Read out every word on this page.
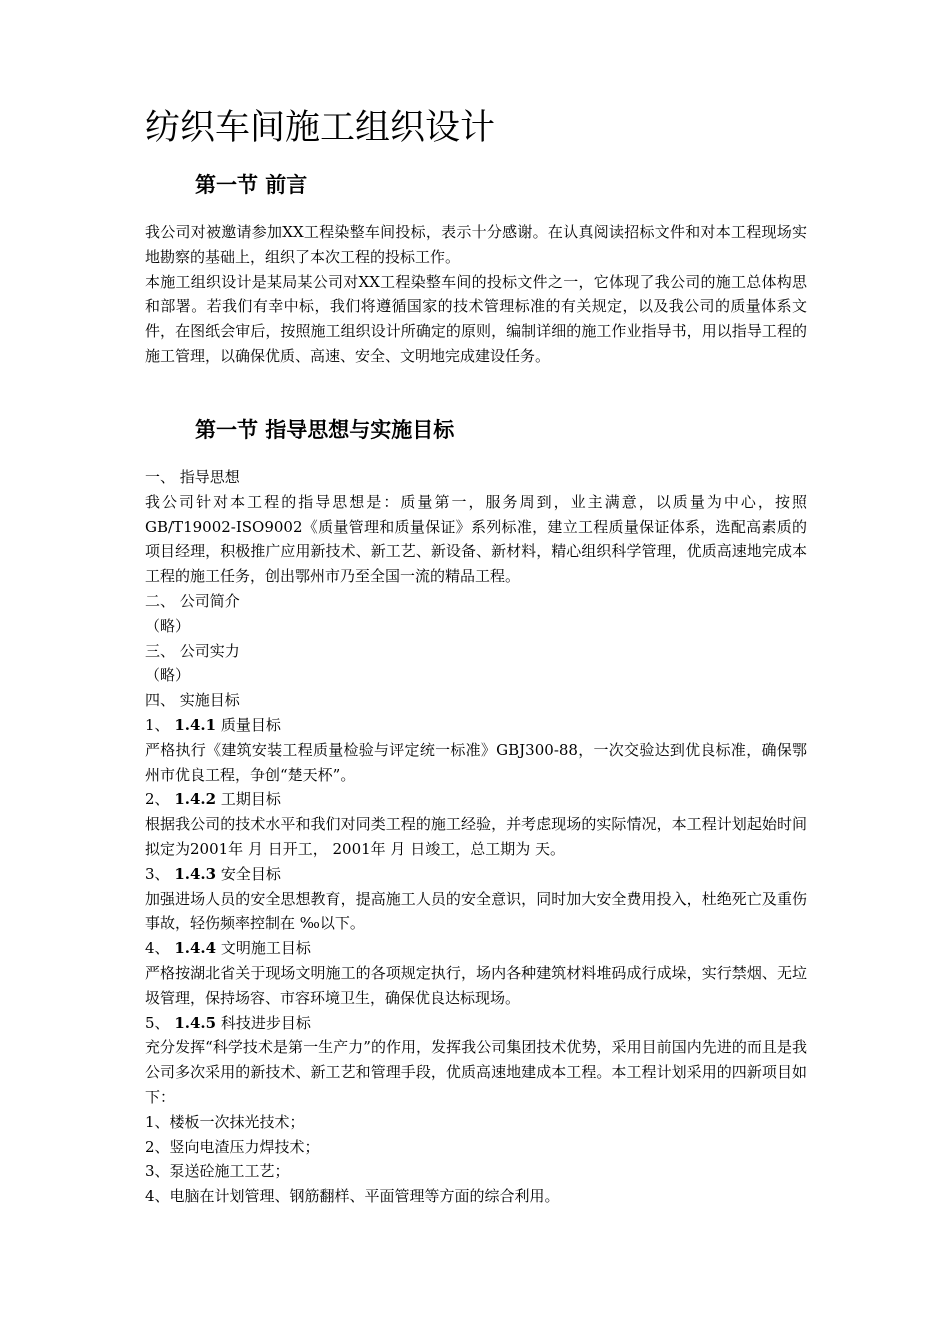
纺织车间施工组织设计
第一节 前言

我公司对被邀请参加XX工程染整车间投标，表示十分感谢。在认真阅读招标文件和对本工程现场实地勘察的基础上，组织了本次工程的投标工作。

本施工组织设计是某局某公司对XX工程染整车间的投标文件之一，它体现了我公司的施工总体构思和部署。若我们有幸中标，我们将遵循国家的技术管理标准的有关规定，以及我公司的质量体系文件，在图纸会审后，按照施工组织设计所确定的原则，编制详细的施工作业指导书，用以指导工程的施工管理，以确保优质、高速、安全、文明地完成建设任务。

第一节 指导思想与实施目标

一、 指导思想

我公司针对本工程的指导思想是：质量第一，服务周到，业主满意，以质量为中心，按照GB/T19002-ISO9002《质量管理和质量保证》系列标准，建立工程质量保证体系，选配高素质的项目经理，积极推广应用新技术、新工艺、新设备、新材料，精心组织科学管理，优质高速地完成本工程的施工任务，创出鄂州市乃至全国一流的精品工程。

二、 公司简介

（略）

三、 公司实力

（略）

四、 实施目标

1、 1.4.1 质量目标

严格执行《建筑安装工程质量检验与评定统一标准》GBJ300-88，一次交验达到优良标准，确保鄂州市优良工程，争创“楚天杯”。

2、 1.4.2 工期目标

根据我公司的技术水平和我们对同类工程的施工经验，并考虑现场的实际情况，本工程计划起始时间拟定为2001年 月 日开工， 2001年 月 日竣工，总工期为 天。

3、 1.4.3 安全目标

加强进场人员的安全思想教育，提高施工人员的安全意识，同时加大安全费用投入，杜绝死亡及重伤事故，轻伤频率控制在 ‰以下。

4、 1.4.4 文明施工目标

严格按湖北省关于现场文明施工的各项规定执行，场内各种建筑材料堆码成行成垛，实行禁烟、无垃圾管理，保持场容、市容环境卫生，确保优良达标现场。

5、 1.4.5 科技进步目标

充分发挥“科学技术是第一生产力”的作用，发挥我公司集团技术优势，采用目前国内先进的而且是我公司多次采用的新技术、新工艺和管理手段，优质高速地建成本工程。本工程计划采用的四新项目如下：

1、楼板一次抹光技术；

2、竖向电渣压力焊技术；

3、泵送砼施工工艺；

4、电脑在计划管理、钢筋翻样、平面管理等方面的综合利用。
